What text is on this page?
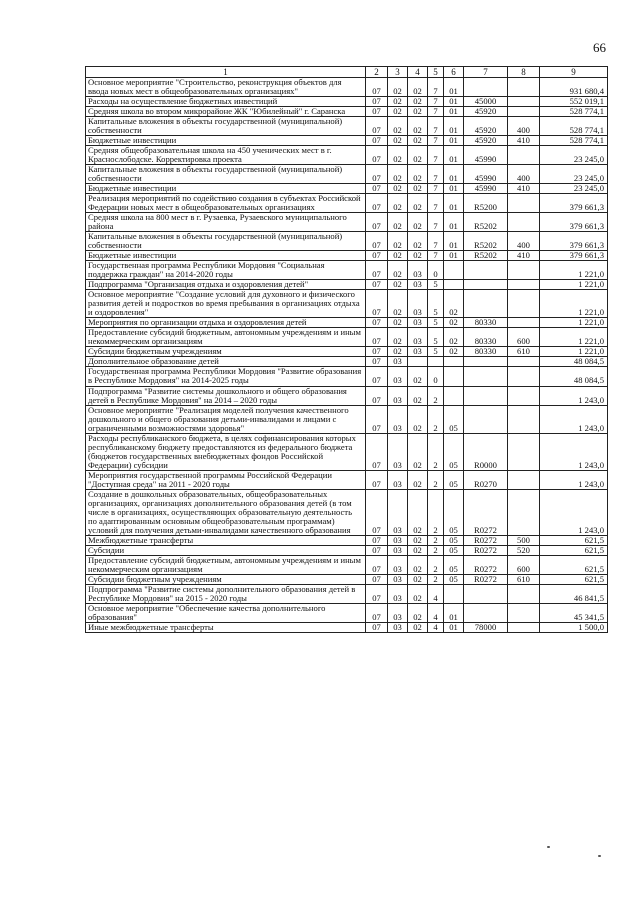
66
1	2	3	4	5	6	7	8	9
Основное мероприятие "Строительство, реконструкция объектов для ввода новых мест в общеобразовательных организациях"	07	02	02	7	01			931 680,4
Расходы на осуществление бюджетных инвестиций	07	02	02	7	01	45000		552 019,1
Средняя школа во втором микрорайоне ЖК "Юбилейный" г. Саранска	07	02	02	7	01	45920		528 774,1
Капитальные вложения в объекты государственной (муниципальной) собственности	07	02	02	7	01	45920	400	528 774,1
Бюджетные инвестиции	07	02	02	7	01	45920	410	528 774,1
Средняя общеобразовательная школа на 450 ученических мест в г. Краснослободске. Корректировка проекта	07	02	02	7	01	45990		23 245,0
Капитальные вложения в объекты государственной (муниципальной) собственности	07	02	02	7	01	45990	400	23 245,0
Бюджетные инвестиции	07	02	02	7	01	45990	410	23 245,0
Реализация мероприятий по содействию создания в субъектах Российской Федерации новых мест в общеобразовательных организациях	07	02	02	7	01	R5200		379 661,3
Средняя школа на 800 мест в г. Рузаевка, Рузаевского муниципального района	07	02	02	7	01	R5202		379 661,3
Капитальные вложения в объекты государственной (муниципальной) собственности	07	02	02	7	01	R5202	400	379 661,3
Бюджетные инвестиции	07	02	02	7	01	R5202	410	379 661,3
Государственная программа Республики Мордовия "Социальная поддержка граждан" на 2014-2020 годы	07	02	03	0				1 221,0
Подпрограмма "Организация отдыха и оздоровления детей"	07	02	03	5				1 221,0
Основное мероприятие "Создание условий для духовного и физического развития детей и подростков во время пребывания в организациях отдыха и оздоровления"	07	02	03	5	02			1 221,0
Мероприятия по организации отдыха и оздоровления детей	07	02	03	5	02	80330		1 221,0
Предоставление субсидий бюджетным, автономным учреждениям и иным некоммерческим организациям	07	02	03	5	02	80330	600	1 221,0
Субсидии бюджетным учреждениям	07	02	03	5	02	80330	610	1 221,0
Дополнительное образование детей	07	03						48 084,5
Государственная программа Республики Мордовия "Развитие образования в Республике Мордовия" на 2014-2025 годы	07	03	02	0				48 084,5
Подпрограмма "Развитие системы дошкольного и общего образования детей в Республике Мордовия" на 2014 – 2020 годы	07	03	02	2				1 243,0
Основное мероприятие "Реализация моделей получения качественного дошкольного и общего образования детьми-инвалидами и лицами с ограниченными возможностями здоровья"	07	03	02	2	05			1 243,0
Расходы республиканского бюджета, в целях софинансирования которых республиканскому бюджету предоставляются из федерального бюджета (бюджетов государственных внебюджетных фондов Российской Федерации) субсидии	07	03	02	2	05	R0000		1 243,0
Мероприятия государственной программы Российской Федерации "Доступная среда" на 2011 - 2020 годы	07	03	02	2	05	R0270		1 243,0
Создание в дошкольных образовательных, общеобразовательных организациях, организациях дополнительного образования детей (в том числе в организациях, осуществляющих образовательную деятельность по адаптированным основным общеобразовательным программам) условий для получения детьми-инвалидами качественного образования	07	03	02	2	05	R0272		1 243,0
Межбюджетные трансферты	07	03	02	2	05	R0272	500	621,5
Субсидии	07	03	02	2	05	R0272	520	621,5
Предоставление субсидий бюджетным, автономным учреждениям и иным некоммерческим организациям	07	03	02	2	05	R0272	600	621,5
Субсидии бюджетным учреждениям	07	03	02	2	05	R0272	610	621,5
Подпрограмма "Развитие системы дополнительного образования детей в Республике Мордовия" на 2015 - 2020 годы	07	03	02	4				46 841,5
Основное мероприятие "Обеспечение качества дополнительного образования"	07	03	02	4	01			45 341,5
Иные межбюджетные трансферты	07	03	02	4	01	78000		1 500,0
